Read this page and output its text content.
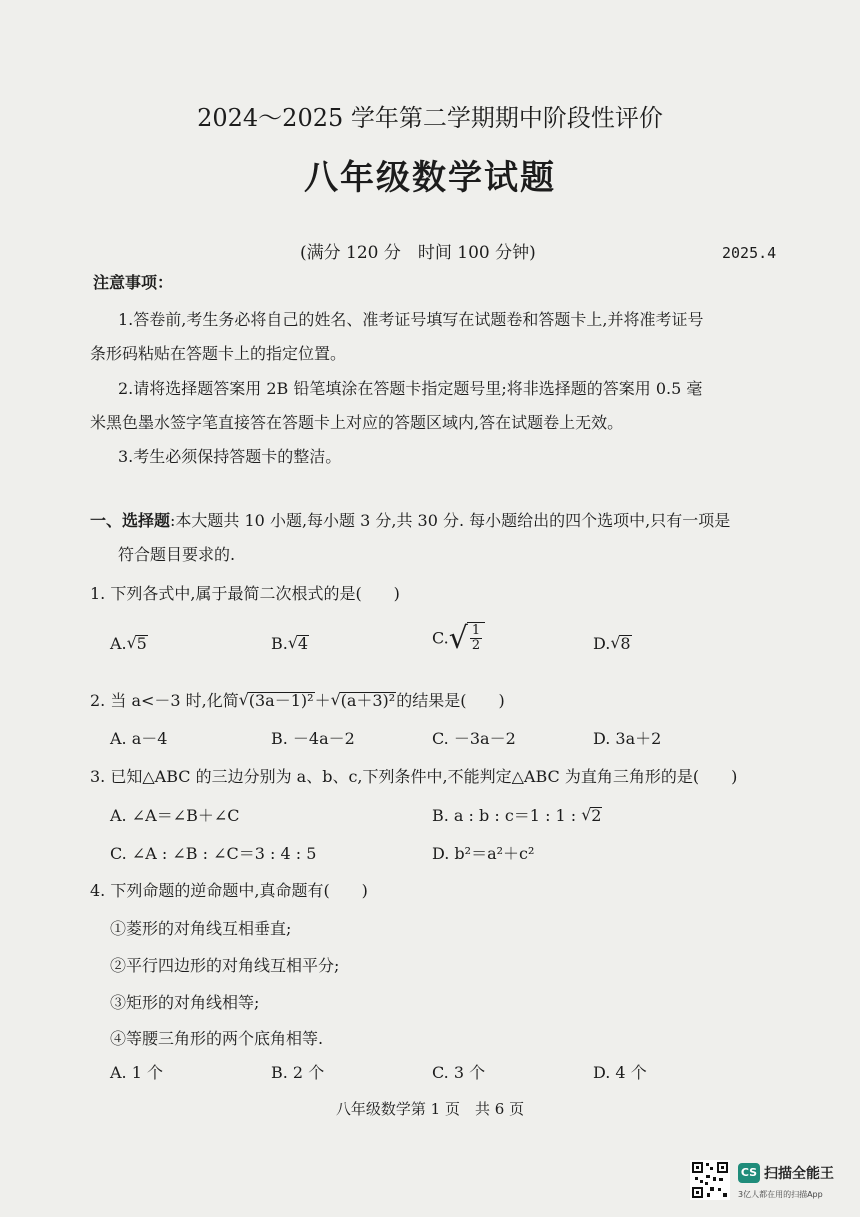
2024～2025 学年第二学期期中阶段性评价
八年级数学试题
(满分 120 分　时间 100 分钟)	2025.4
注意事项：
1.答卷前,考生务必将自己的姓名、准考证号填写在试题卷和答题卡上,并将准考证号
条形码粘贴在答题卡上的指定位置。
2.请将选择题答案用 2B 铅笔填涂在答题卡指定题号里;将非选择题的答案用 0.5 毫
米黑色墨水签字笔直接答在答题卡上对应的答题区域内,答在试题卷上无效。
3.考生必须保持答题卡的整洁。
一、选择题:本大题共 10 小题,每小题 3 分,共 30 分. 每小题给出的四个选项中,只有一项是
符合题目要求的.
1. 下列各式中,属于最简二次根式的是(　　)
A. √ 5	B. √ 4	C. √ $\frac{1}{2}$	D. √ 8
2. 当 a<－3 时,化简 √ (3a－1)²＋ √ (a＋3)²的结果是(　　)
A. a－4	B. －4a－2	C. －3a－2	D. 3a＋2
3. 已知△ABC 的三边分别为 a、b、c,下列条件中,不能判定△ABC 为直角三角形的是(　　)
A. ∠A＝∠B＋∠C	B. a : b : c＝1 : 1 : √ 2
C. ∠A : ∠B : ∠C＝3 : 4 : 5	D. b²＝a²＋c²
4. 下列命题的逆命题中,真命题有(　　)
①菱形的对角线互相垂直;
②平行四边形的对角线互相平分;
③矩形的对角线相等;
④等腰三角形的两个底角相等.
A. 1 个	B. 2 个	C. 3 个	D. 4 个
八年级数学第 1 页　共 6 页
CS 扫描全能王
3亿人都在用的扫描App
